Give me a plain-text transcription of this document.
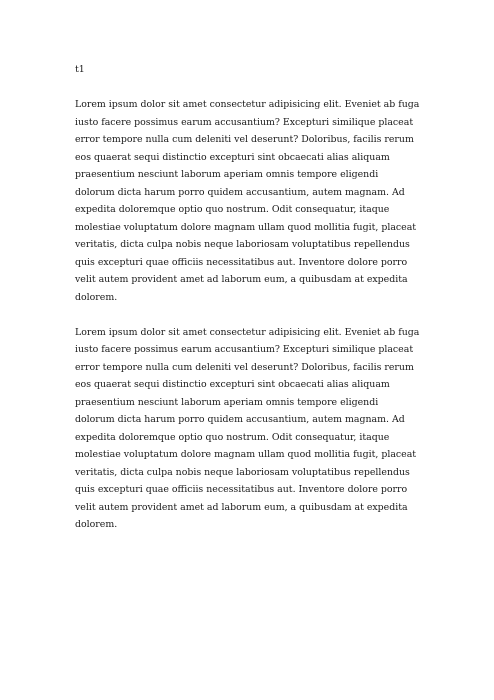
t1

Lorem ipsum dolor sit amet consectetur adipisicing elit. Eveniet ab fuga iusto facere possimus earum accusantium? Excepturi similique placeat error tempore nulla cum deleniti vel deserunt? Doloribus, facilis rerum eos quaerat sequi distinctio excepturi sint obcaecati alias aliquam praesentium nesciunt laborum aperiam omnis tempore eligendi dolorum dicta harum porro quidem accusantium, autem magnam. Ad expedita doloremque optio quo nostrum. Odit consequatur, itaque molestiae voluptatum dolore magnam ullam quod mollitia fugit, placeat veritatis, dicta culpa nobis neque laboriosam voluptatibus repellendus quis excepturi quae officiis necessitatibus aut. Inventore dolore porro velit autem provident amet ad laborum eum, a quibusdam at expedita dolorem.

Lorem ipsum dolor sit amet consectetur adipisicing elit. Eveniet ab fuga iusto facere possimus earum accusantium? Excepturi similique placeat error tempore nulla cum deleniti vel deserunt? Doloribus, facilis rerum eos quaerat sequi distinctio excepturi sint obcaecati alias aliquam praesentium nesciunt laborum aperiam omnis tempore eligendi dolorum dicta harum porro quidem accusantium, autem magnam. Ad expedita doloremque optio quo nostrum. Odit consequatur, itaque molestiae voluptatum dolore magnam ullam quod mollitia fugit, placeat veritatis, dicta culpa nobis neque laboriosam voluptatibus repellendus quis excepturi quae officiis necessitatibus aut. Inventore dolore porro velit autem provident amet ad laborum eum, a quibusdam at expedita dolorem.
